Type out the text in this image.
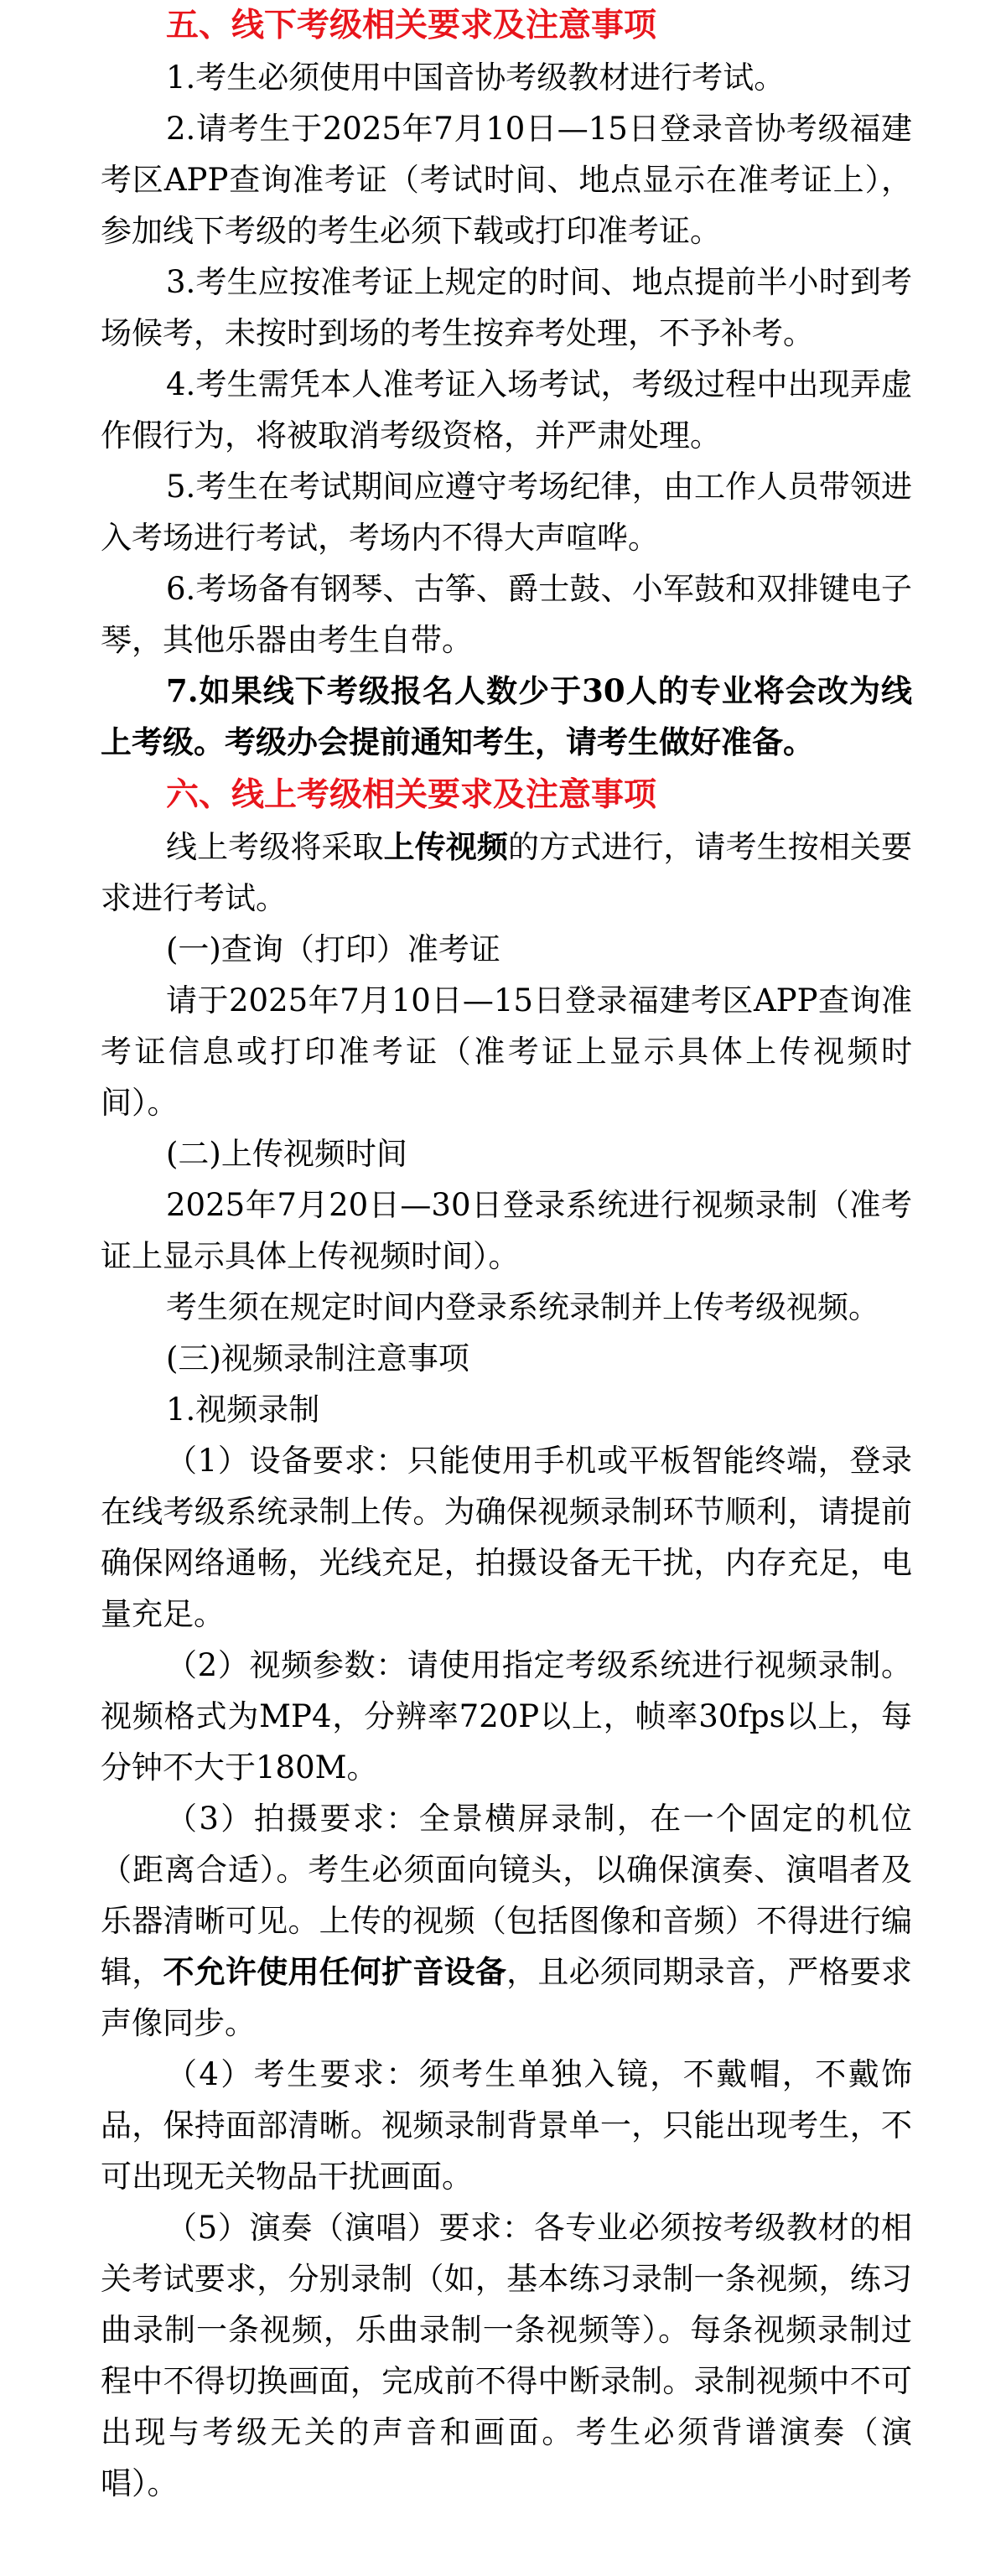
五、线下考级相关要求及注意事项

1.考生必须使用中国音协考级教材进行考试。

2.请考生于2025年7月10日—15日登录音协考级福建考区APP查询准考证（考试时间、地点显示在准考证上），参加线下考级的考生必须下载或打印准考证。

3.考生应按准考证上规定的时间、地点提前半小时到考场候考，未按时到场的考生按弃考处理，不予补考。

4.考生需凭本人准考证入场考试，考级过程中出现弄虚作假行为，将被取消考级资格，并严肃处理。

5.考生在考试期间应遵守考场纪律，由工作人员带领进入考场进行考试，考场内不得大声喧哗。

6.考场备有钢琴、古筝、爵士鼓、小军鼓和双排键电子琴，其他乐器由考生自带。

7.如果线下考级报名人数少于30人的专业将会改为线上考级。考级办会提前通知考生，请考生做好准备。

六、线上考级相关要求及注意事项

线上考级将采取上传视频的方式进行，请考生按相关要求进行考试。

(一)查询（打印）准考证

请于2025年7月10日—15日登录福建考区APP查询准考证信息或打印准考证（准考证上显示具体上传视频时间）。

(二)上传视频时间

2025年7月20日—30日登录系统进行视频录制（准考证上显示具体上传视频时间）。

考生须在规定时间内登录系统录制并上传考级视频。

(三)视频录制注意事项

1.视频录制

（1）设备要求：只能使用手机或平板智能终端，登录在线考级系统录制上传。为确保视频录制环节顺利，请提前确保网络通畅，光线充足，拍摄设备无干扰，内存充足，电量充足。

（2）视频参数：请使用指定考级系统进行视频录制。视频格式为MP4，分辨率720P以上，帧率30fps以上，每分钟不大于180M。

（3）拍摄要求：全景横屏录制，在一个固定的机位（距离合适）。考生必须面向镜头，以确保演奏、演唱者及乐器清晰可见。上传的视频（包括图像和音频）不得进行编辑，不允许使用任何扩音设备，且必须同期录音，严格要求声像同步。

（4）考生要求：须考生单独入镜，不戴帽，不戴饰品，保持面部清晰。视频录制背景单一，只能出现考生，不可出现无关物品干扰画面。

（5）演奏（演唱）要求：各专业必须按考级教材的相关考试要求，分别录制（如，基本练习录制一条视频，练习曲录制一条视频，乐曲录制一条视频等）。每条视频录制过程中不得切换画面，完成前不得中断录制。录制视频中不可出现与考级无关的声音和画面。考生必须背谱演奏（演唱）。
